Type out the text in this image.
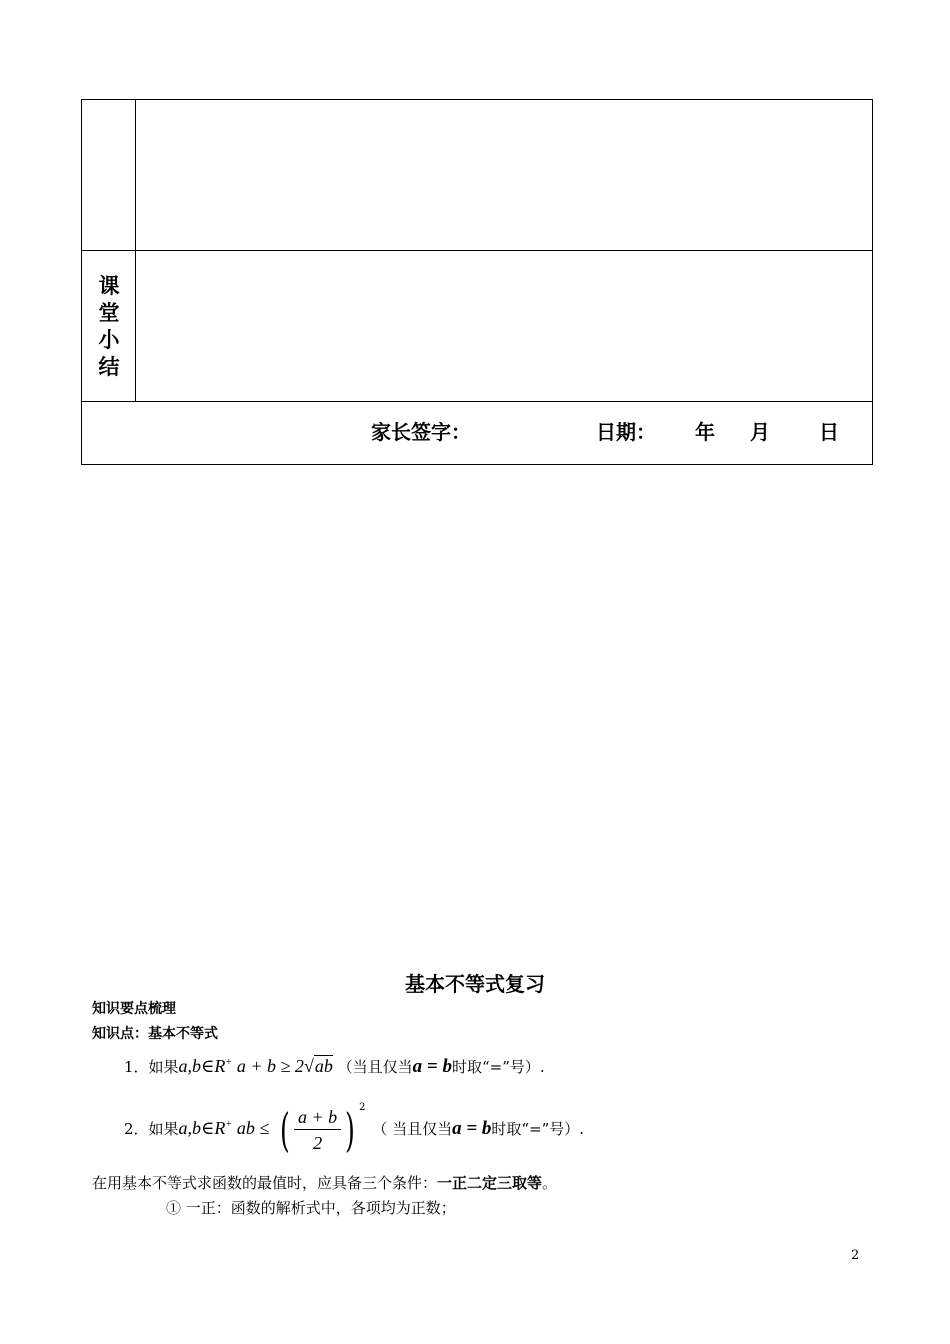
课
堂
小
结
家长签字：	日期： 年 月 日
基本不等式复习
知识要点梳理
知识点：基本不等式
1．如果a,b∈R+ a + b ≥ 2√ab （当且仅当a = b时取“=”号）.
2．如果a,b∈R+ ab ≤ ( $\frac{a + b}{2}$ ) $^2$ （ 当且仅当a = b时取“=”号）.
在用基本不等式求函数的最值时，应具备三个条件：一正二定三取等。
① 一正：函数的解析式中，各项均为正数；
2
